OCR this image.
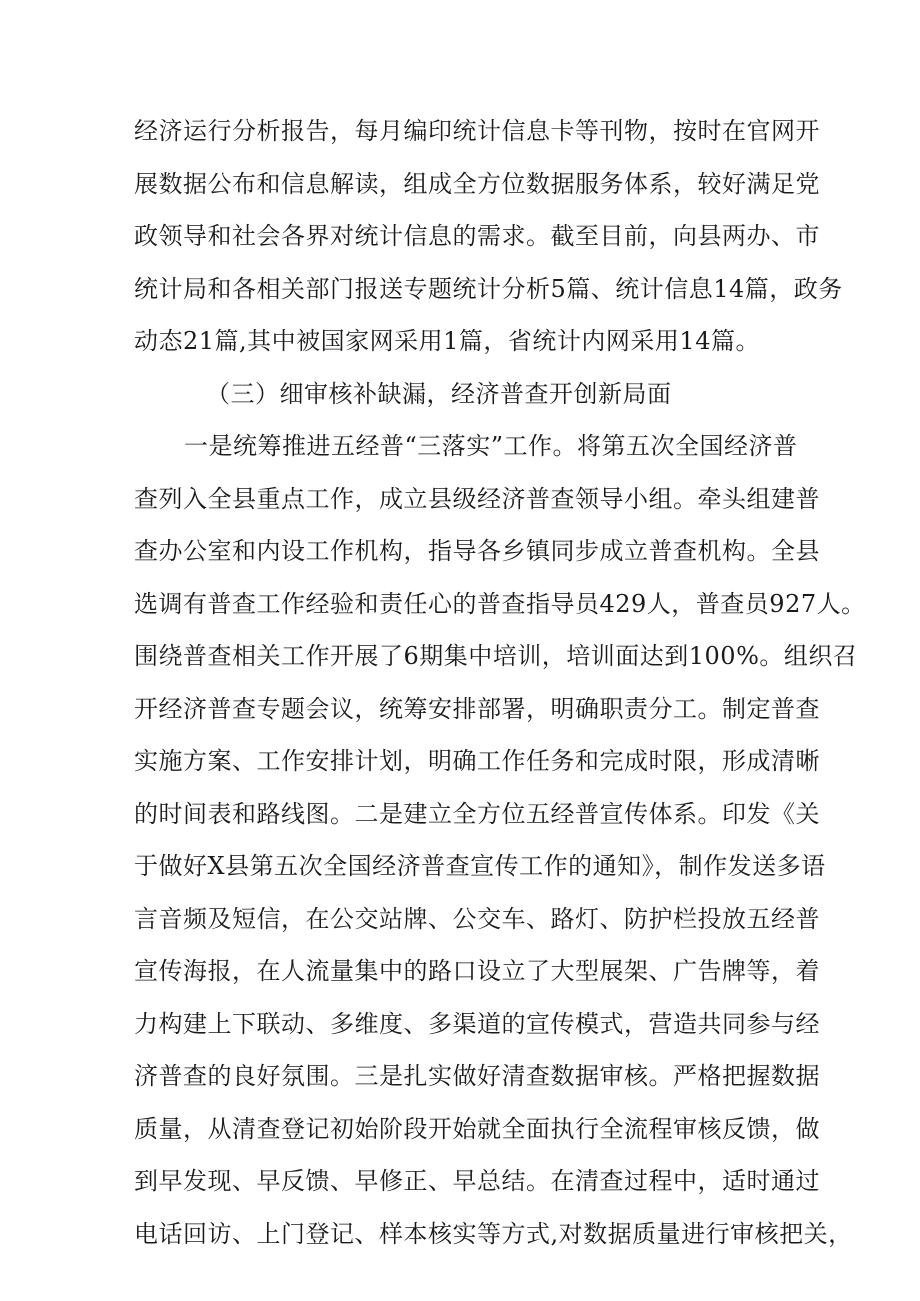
经济运行分析报告，每月编印统计信息卡等刊物，按时在官网开
展数据公布和信息解读，组成全方位数据服务体系，较好满足党
政领导和社会各界对统计信息的需求。截至目前，向县两办、市
统计局和各相关部门报送专题统计分析5篇、统计信息14篇，政务
动态21篇,其中被国家网采用1篇，省统计内网采用14篇。
（三）细审核补缺漏，经济普查开创新局面
一是统筹推进五经普“三落实”工作。将第五次全国经济普
查列入全县重点工作，成立县级经济普查领导小组。牵头组建普
查办公室和内设工作机构，指导各乡镇同步成立普查机构。全县
选调有普查工作经验和责任心的普查指导员429人，普查员927人。
围绕普查相关工作开展了6期集中培训，培训面达到100%。组织召
开经济普查专题会议，统筹安排部署，明确职责分工。制定普查
实施方案、工作安排计划，明确工作任务和完成时限，形成清晰
的时间表和路线图。二是建立全方位五经普宣传体系。印发《关
于做好X县第五次全国经济普查宣传工作的通知》，制作发送多语
言音频及短信，在公交站牌、公交车、路灯、防护栏投放五经普
宣传海报，在人流量集中的路口设立了大型展架、广告牌等，着
力构建上下联动、多维度、多渠道的宣传模式，营造共同参与经
济普查的良好氛围。三是扎实做好清查数据审核。严格把握数据
质量，从清查登记初始阶段开始就全面执行全流程审核反馈，做
到早发现、早反馈、早修正、早总结。在清查过程中，适时通过
电话回访、上门登记、样本核实等方式,对数据质量进行审核把关，
